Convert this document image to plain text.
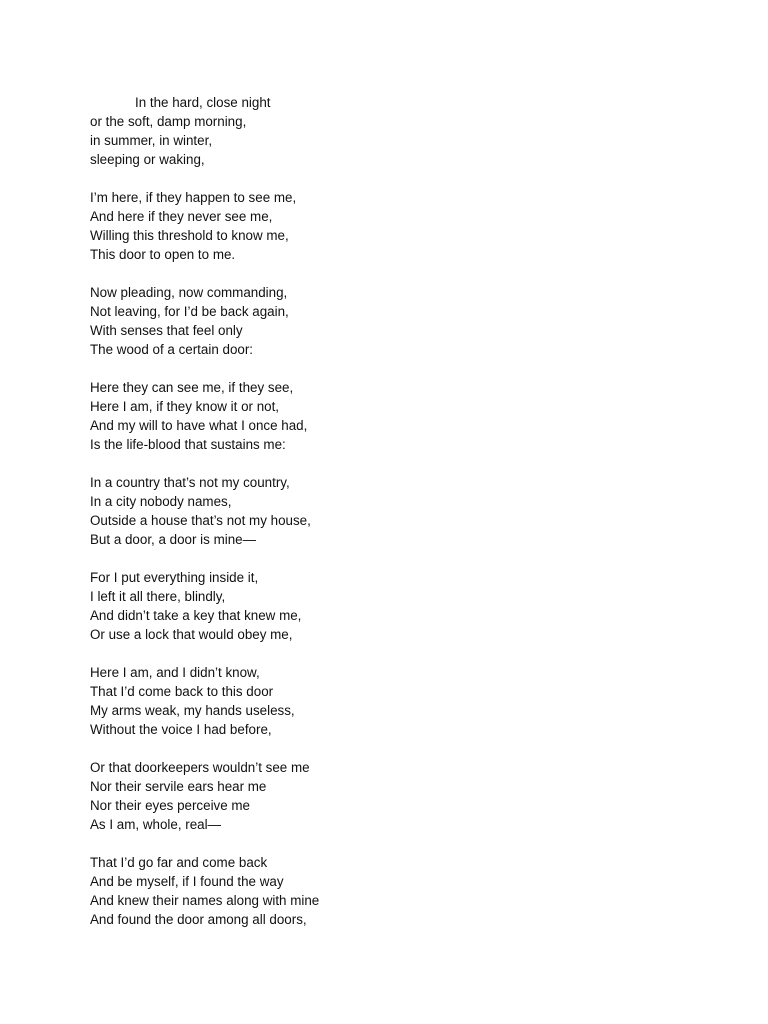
In the hard, close night
or the soft, damp morning,
in summer, in winter,
sleeping or waking,
I’m here, if they happen to see me,
And here if they never see me,
Willing this threshold to know me,
This door to open to me.
Now pleading, now commanding,
Not leaving, for I’d be back again,
With senses that feel only
The wood of a certain door:
Here they can see me, if they see,
Here I am, if they know it or not,
And my will to have what I once had,
Is the life-blood that sustains me:
In a country that’s not my country,
In a city nobody names,
Outside a house that’s not my house,
But a door, a door is mine—
For I put everything inside it,
I left it all there, blindly,
And didn’t take a key that knew me,
Or use a lock that would obey me,
Here I am, and I didn’t know,
That I’d come back to this door
My arms weak, my hands useless,
Without the voice I had before,
Or that doorkeepers wouldn’t see me
Nor their servile ears hear me
Nor their eyes perceive me
As I am, whole, real—
That I’d go far and come back
And be myself, if I found the way
And knew their names along with mine
And found the door among all doors,
